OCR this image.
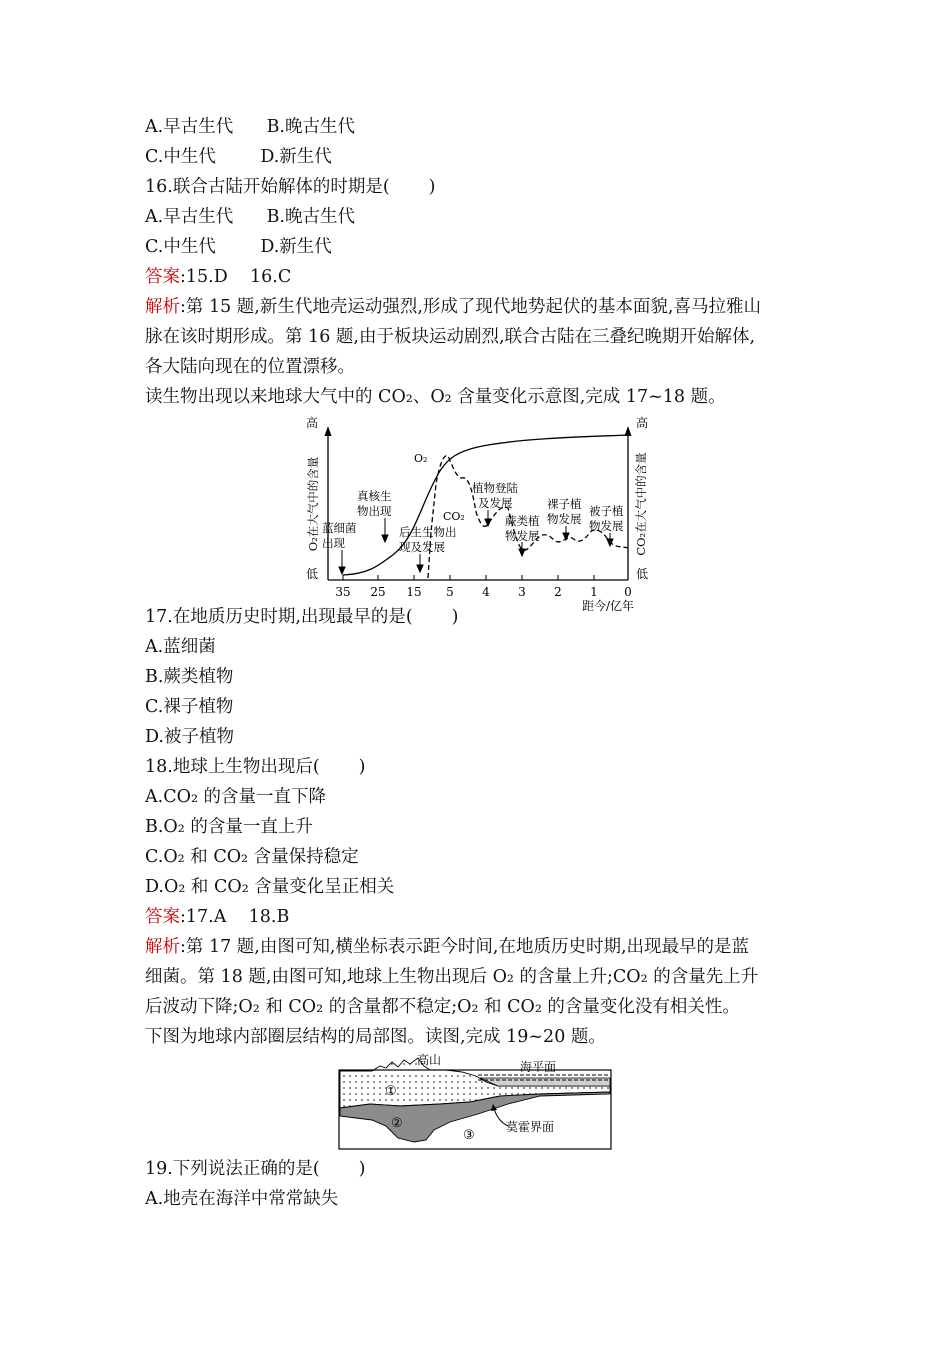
A.早古生代      B.晚古生代

C.中生代        D.新生代

16.联合古陆开始解体的时期是(       )

A.早古生代      B.晚古生代

C.中生代        D.新生代

答案:15.D    16.C

解析:第 15 题,新生代地壳运动强烈,形成了现代地势起伏的基本面貌,喜马拉雅山

脉在该时期形成。第 16 题,由于板块运动剧烈,联合古陆在三叠纪晚期开始解体,

各大陆向现在的位置漂移。

读生物出现以来地球大气中的 CO₂、O₂ 含量变化示意图,完成 17~18 题。

35 25 15 5 4 3 2 1 0
距今/亿年
高
低
高
低
O₂在大气中的含量	CO₂在大气中的含量
O₂
CO₂
蓝细菌
出现
真核生
物出现
后生生物出
现及发展
植物登陆
及发展
蕨类植
物发展
裸子植
物发展
被子植
物发展

17.在地质历史时期,出现最早的是(       )

A.蓝细菌

B.蕨类植物

C.裸子植物

D.被子植物

18.地球上生物出现后(       )

A.CO₂ 的含量一直下降

B.O₂ 的含量一直上升

C.O₂ 和 CO₂ 含量保持稳定

D.O₂ 和 CO₂ 含量变化呈正相关

答案:17.A    18.B

解析:第 17 题,由图可知,横坐标表示距今时间,在地质历史时期,出现最早的是蓝

细菌。第 18 题,由图可知,地球上生物出现后 O₂ 的含量上升;CO₂ 的含量先上升

后波动下降;O₂ 和 CO₂ 的含量都不稳定;O₂ 和 CO₂ 的含量变化没有相关性。

下图为地球内部圈层结构的局部图。读图,完成 19~20 题。

高山	海平面
①
②
③
莫霍界面

19.下列说法正确的是(       )

A.地壳在海洋中常常缺失
